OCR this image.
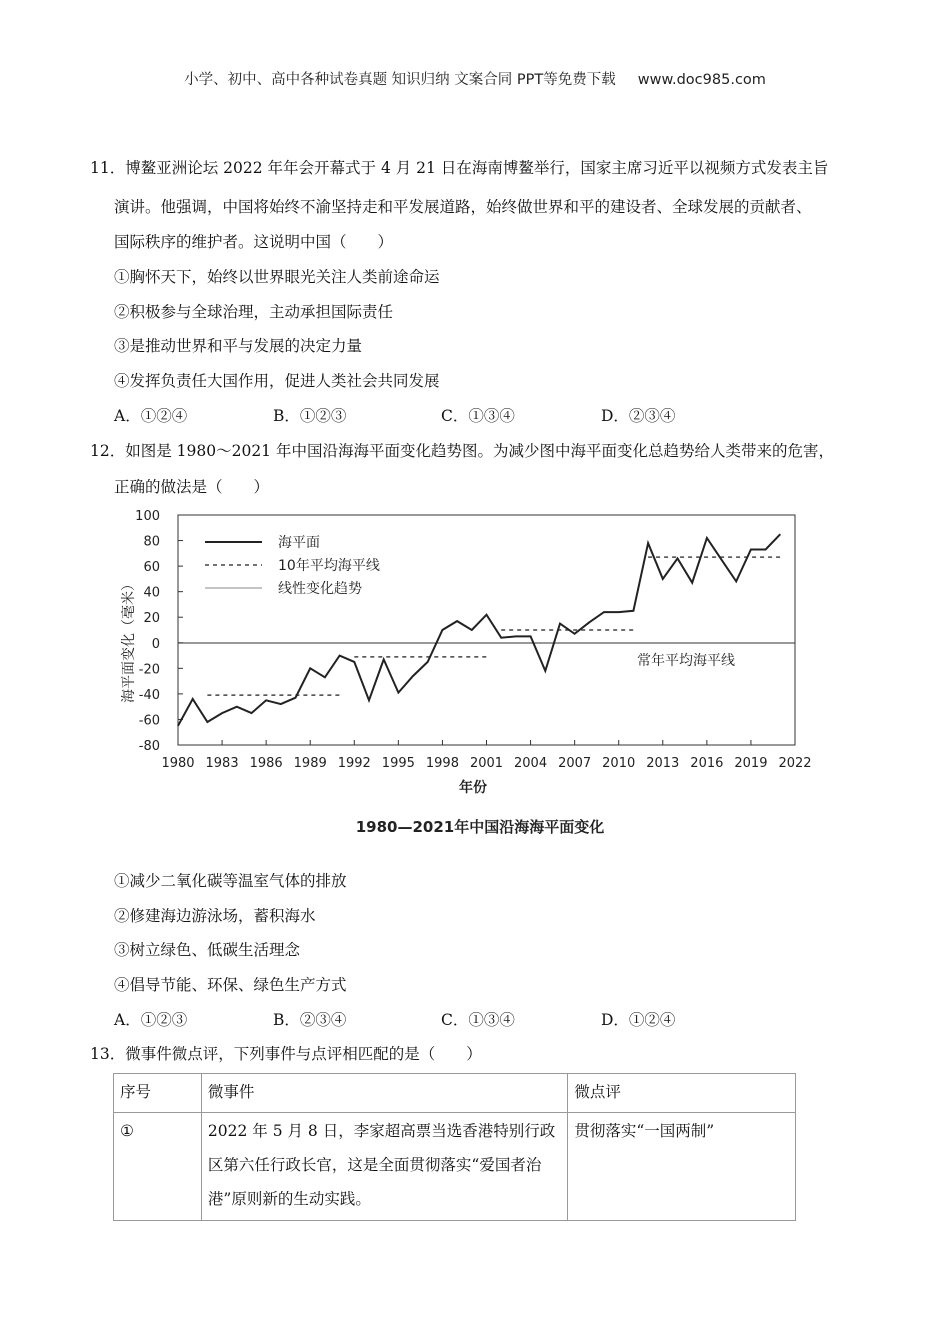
小学、初中、高中各种试卷真题 知识归纳 文案合同 PPT等免费下载 www.doc985.com
11．博鳌亚洲论坛 2022 年年会开幕式于 4 月 21 日在海南博鳌举行，国家主席习近平以视频方式发表主旨
演讲。他强调，中国将始终不渝坚持走和平发展道路，始终做世界和平的建设者、全球发展的贡献者、
国际秩序的维护者。这说明中国（　　）
①胸怀天下，始终以世界眼光关注人类前途命运
②积极参与全球治理，主动承担国际责任
③是推动世界和平与发展的决定力量
④发挥负责任大国作用，促进人类社会共同发展
A．①②④	B．①②③	C．①③④	D．②③④
12．如图是 1980～2021 年中国沿海海平面变化趋势图。为减少图中海平面变化总趋势给人类带来的危害，
正确的做法是（　　）
100
80
60
40
20
0
-20
-40
-60
-80
1980 1983 1986 1989 1992 1995 1998 2001 2004 2007 2010 2013 2016 2019 2022
海平面
10年平均海平线
线性变化趋势
常年平均海平线
海平面变化（毫米）
年份
1980—2021年中国沿海海平面变化
①减少二氧化碳等温室气体的排放
②修建海边游泳场，蓄积海水
③树立绿色、低碳生活理念
④倡导节能、环保、绿色生产方式
A．①②③	B．②③④	C．①③④	D．①②④
13．微事件微点评，下列事件与点评相匹配的是（　　）
序号	微事件	微点评

①	2022 年 5 月 8 日，李家超高票当选香港特别行政区第六任行政长官，这是全面贯彻落实“爱国者治港”原则新的生动实践。	贯彻落实“一国两制”
